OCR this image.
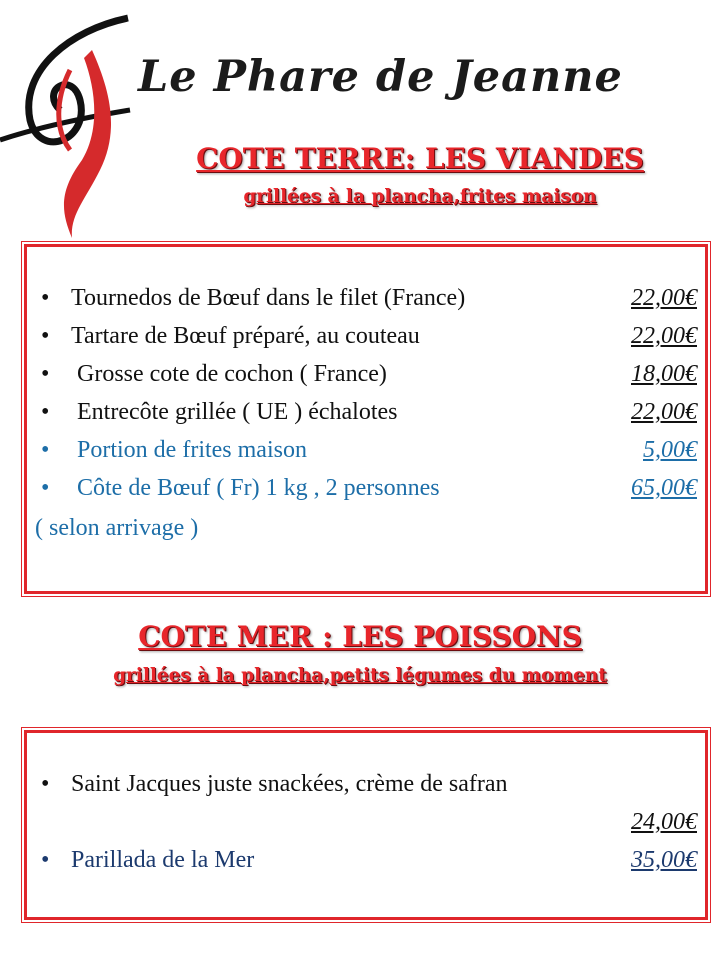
Le Phare de Jeanne
COTE TERRE: LES VIANDES
grillées à la plancha,frites maison
• Tournedos de Bœuf dans le filet (France)	22,00€
• Tartare de Bœuf préparé, au couteau	22,00€
• Grosse cote de cochon ( France)	18,00€
• Entrecôte grillée ( UE ) échalotes	22,00€
• Portion de frites maison	5,00€
• Côte de Bœuf ( Fr) 1 kg , 2 personnes	65,00€
( selon arrivage )
COTE MER : LES POISSONS
grillées à la plancha,petits légumes du moment
• Saint Jacques juste snackées, crème de safran
24,00€
• Parillada de la Mer	35,00€
